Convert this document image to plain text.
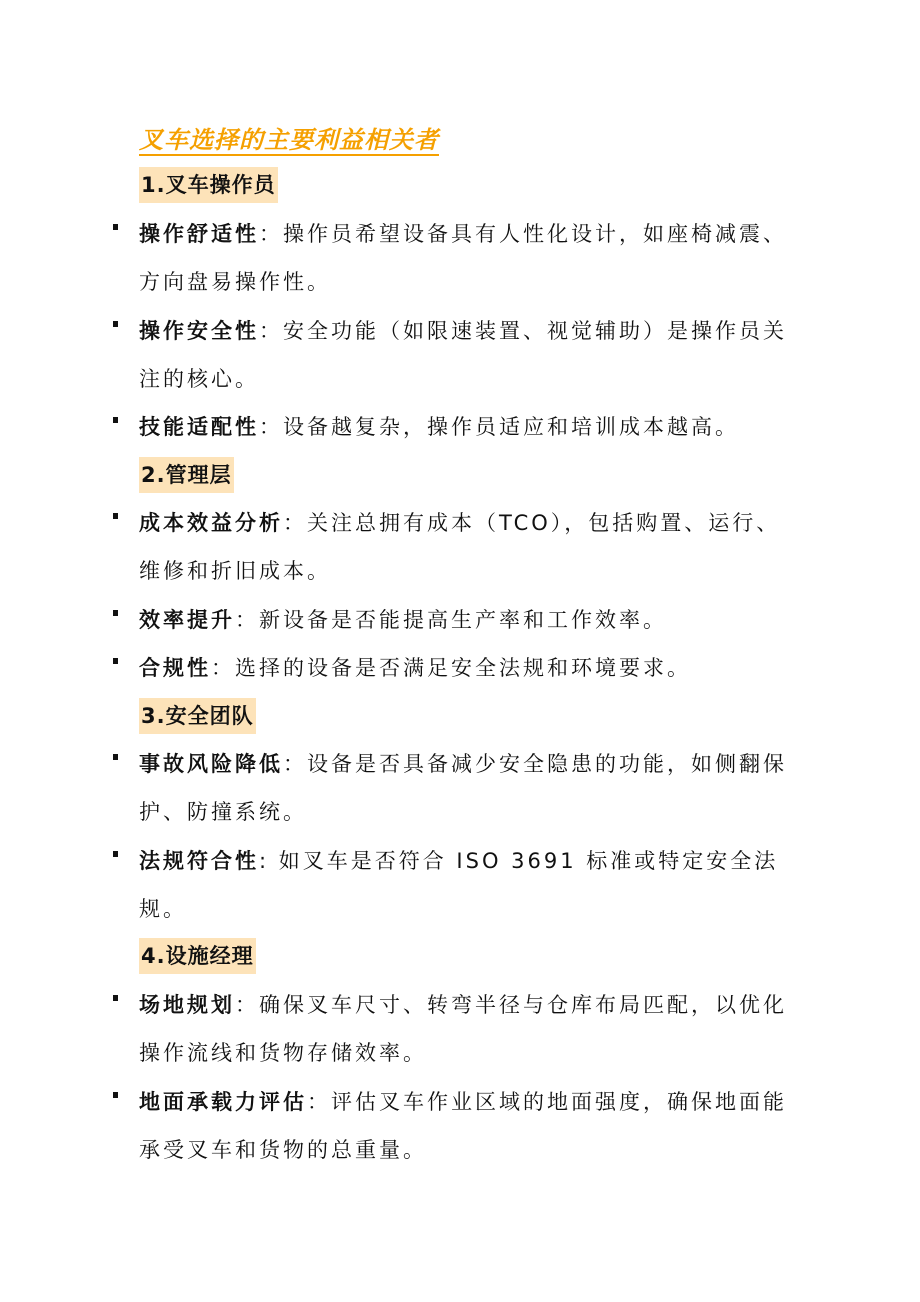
叉车选择的主要利益相关者
1.叉车操作员
操作舒适性：操作员希望设备具有人性化设计，如座椅减震、方向盘易操作性。
操作安全性：安全功能（如限速装置、视觉辅助）是操作员关注的核心。
技能适配性：设备越复杂，操作员适应和培训成本越高。
2.管理层
成本效益分析：关注总拥有成本（TCO），包括购置、运行、维修和折旧成本。
效率提升：新设备是否能提高生产率和工作效率。
合规性：选择的设备是否满足安全法规和环境要求。
3.安全团队
事故风险降低：设备是否具备减少安全隐患的功能，如侧翻保护、防撞系统。
法规符合性: 如叉车是否符合 ISO 3691 标准或特定安全法规。
4.设施经理
场地规划：确保叉车尺寸、转弯半径与仓库布局匹配，以优化操作流线和货物存储效率。
地面承载力评估：评估叉车作业区域的地面强度，确保地面能承受叉车和货物的总重量。
